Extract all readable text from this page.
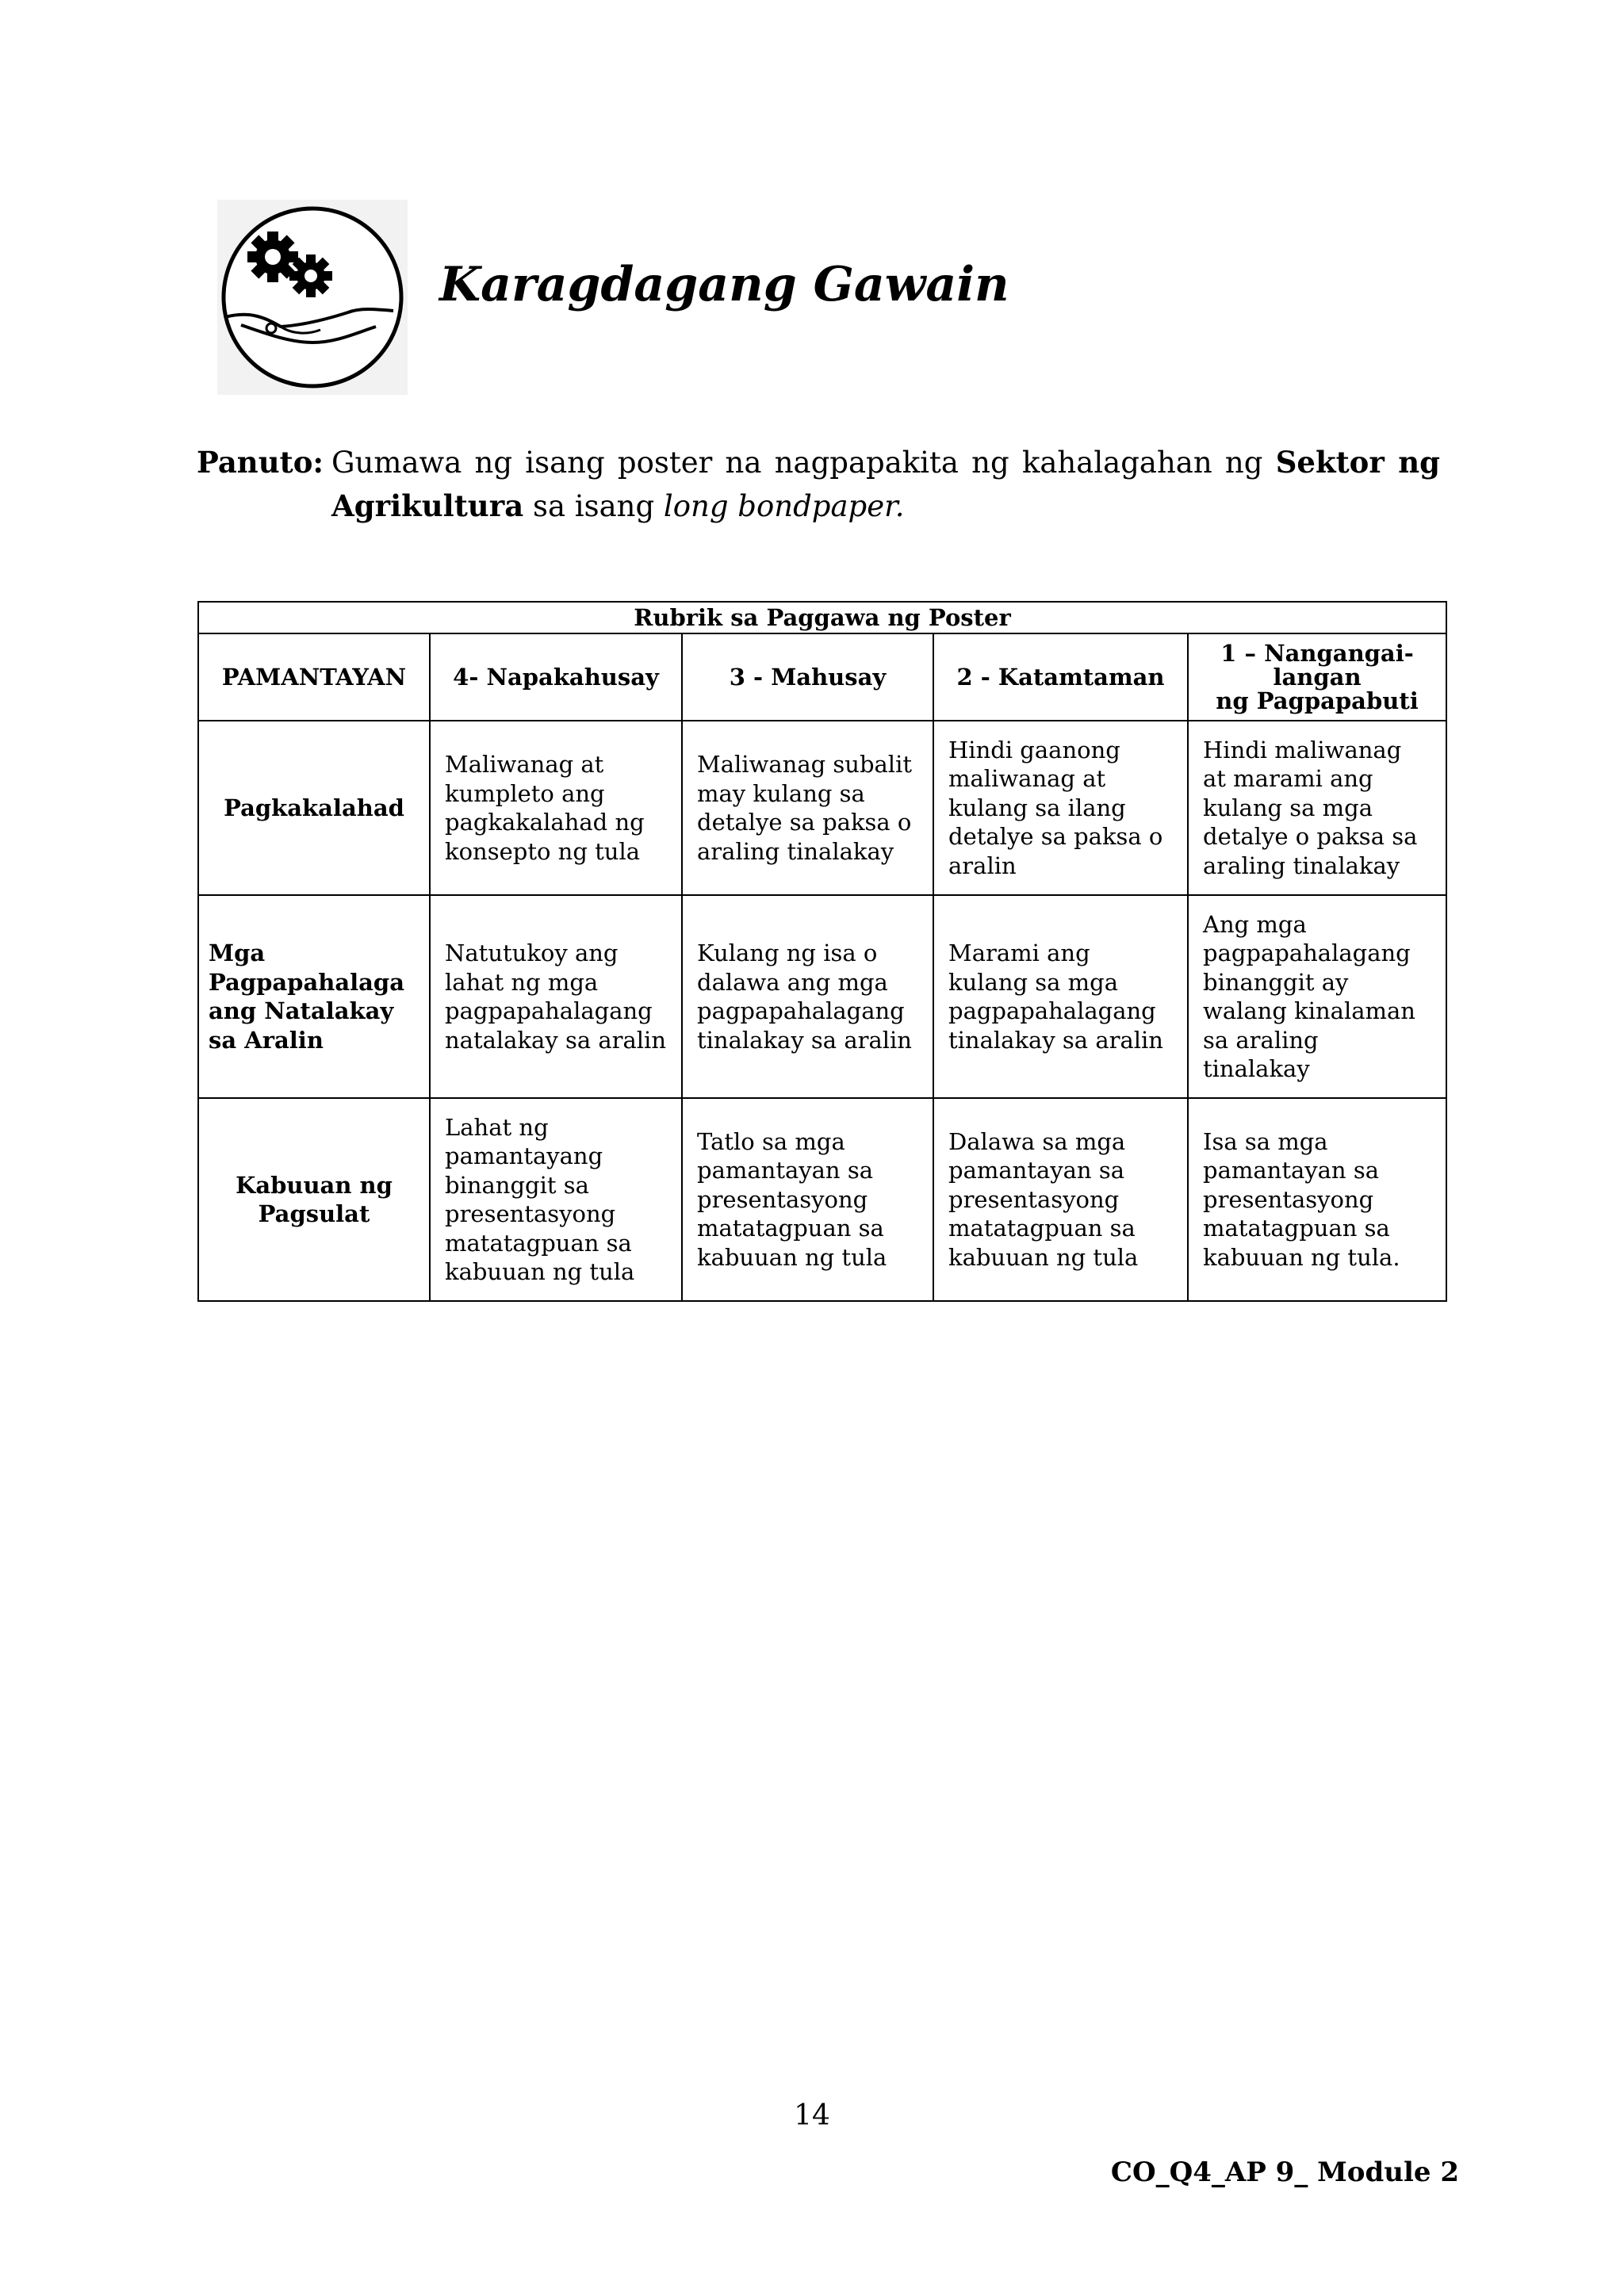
Karagdagang Gawain
Panuto: Gumawa ng isang poster na nagpapakita ng kahalagahan ng Sektor ng
Agrikultura sa isang long bondpaper.
Rubrik sa Paggawa ng Poster				
PAMANTAYAN	4- Napakahusay	3 - Mahusay	2 - Katamtaman	1 – Nangangai-
langan
ng Pagpapabuti
Pagkakalahad	Maliwanag at kumpleto ang pagkakalahad ng konsepto ng tula	Maliwanag subalit may kulang sa detalye sa paksa o araling tinalakay	Hindi gaanong maliwanag at kulang sa ilang detalye sa paksa o aralin	Hindi maliwanag at marami ang kulang sa mga detalye o paksa sa araling tinalakay
Mga Pagpapahalaga ang Natalakay sa Aralin	Natutukoy ang lahat ng mga pagpapahalagang natalakay sa aralin	Kulang ng isa o dalawa ang mga pagpapahalagang tinalakay sa aralin	Marami ang kulang sa mga pagpapahalagang tinalakay sa aralin	Ang mga pagpapahalagang binanggit ay walang kinalaman sa araling tinalakay
Kabuuan ng Pagsulat	Lahat ng pamantayang binanggit sa presentasyong matatagpuan sa kabuuan ng tula	Tatlo sa mga pamantayan sa presentasyong matatagpuan sa kabuuan ng tula	Dalawa sa mga pamantayan sa presentasyong matatagpuan sa kabuuan ng tula	Isa sa mga pamantayan sa presentasyong matatagpuan sa kabuuan ng tula.
14
CO_Q4_AP 9_ Module 2
